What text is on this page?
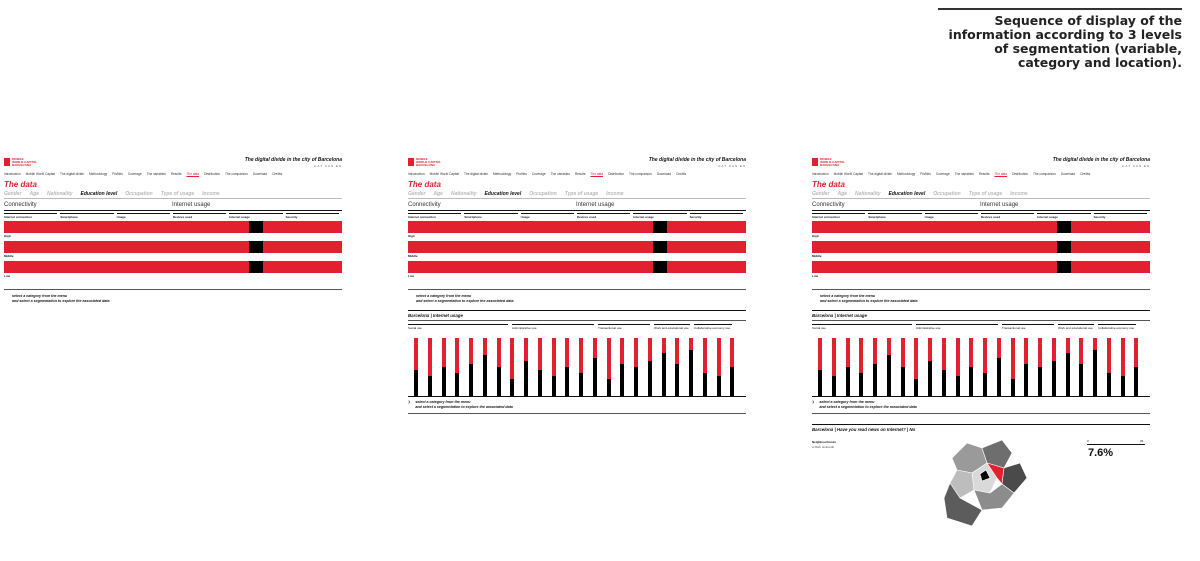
Sequence of display of the information according to 3 levels of segmentation (variable, category and location).
MOBILE
WORLD CAPITAL
BARCELONA
The digital divide in the city of Barcelona
CAT CAS EN
Introduction Mobile World Capital The digital divide Methodology Profiles Coverage The variables Results The data Distribution The comparison Download Credits
The data
Gender Age Nationality Education level Occupation Type of usage Income
Connectivity	Internet usage
Internet connection	Smartphone	Usage	Devices used	Internet usage	Security
High
Middle
Low
select a category from the menu
and select a segmentation to explore the associated data
MOBILE
WORLD CAPITAL
BARCELONA
The digital divide in the city of Barcelona
CAT CAS EN
Introduction Mobile World Capital The digital divide Methodology Profiles Coverage The variables Results The data Distribution The comparison Download Credits
The data
Gender Age Nationality Education level Occupation Type of usage Income
Connectivity	Internet usage
Internet connection	Smartphone	Usage	Devices used	Internet usage	Security
High
Middle
Low
select a category from the menu
and select a segmentation to explore the associated data
Barcelona | Internet usage
Social use	Administrative use	Transactional use	Work and educational use	Collaborative economy use
› select a category from the menu
and select a segmentation to explore the associated data
MOBILE
WORLD CAPITAL
BARCELONA
The digital divide in the city of Barcelona
CAT CAS EN
Introduction Mobile World Capital The digital divide Methodology Profiles Coverage The variables Results The data Distribution The comparison Download Credits
The data
Gender Age Nationality Education level Occupation Type of usage Income
Connectivity	Internet usage
Internet connection	Smartphone	Usage	Devices used	Internet usage	Security
High
Middle
Low
select a category from the menu
and select a segmentation to explore the associated data
Barcelona | Internet usage
Social use	Administrative use	Transactional use	Work and educational use	Collaborative economy use
› select a category from the menu
and select a segmentation to explore the associated data
Barcelona | Have you read news on Internet? | No
Neighbourhoods
el Baix Guinardó
0	26
7.6%
